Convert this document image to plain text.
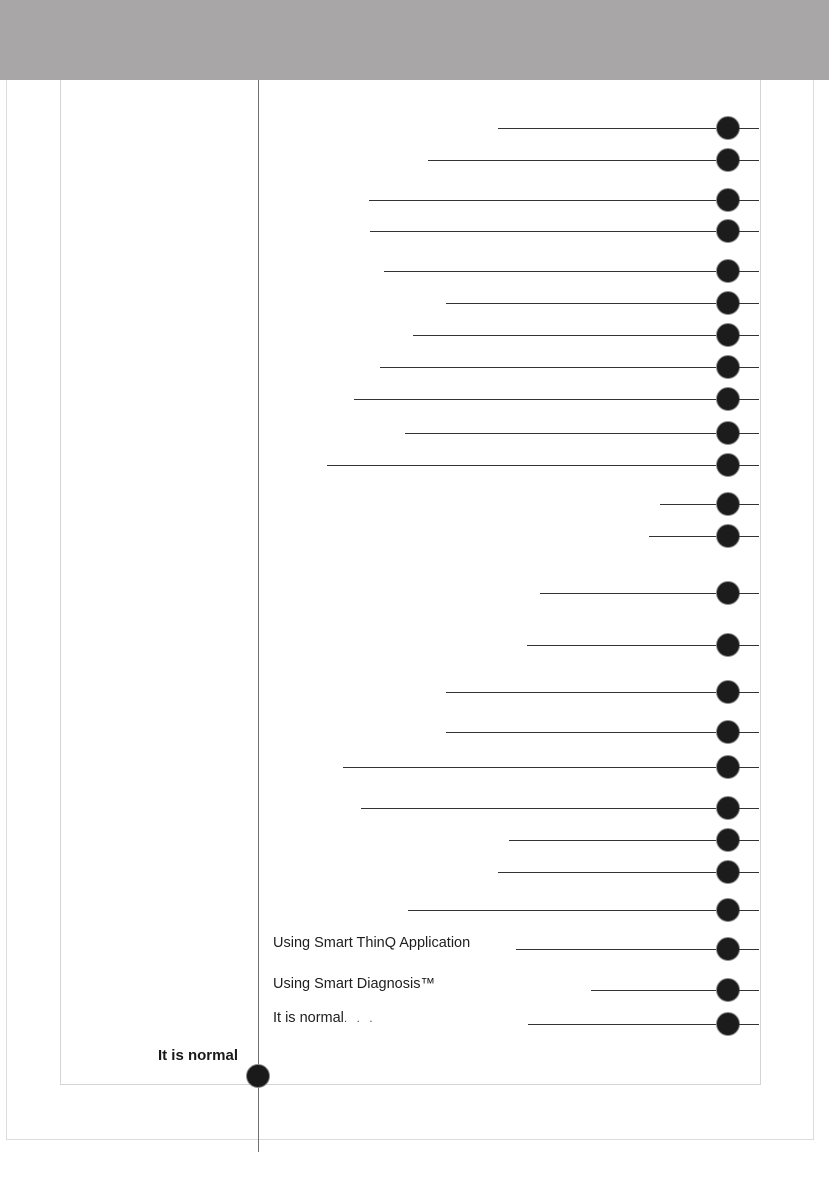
It is normal
Using Smart ThinQ Application
Using Smart Diagnosis™
It is normal. . .
